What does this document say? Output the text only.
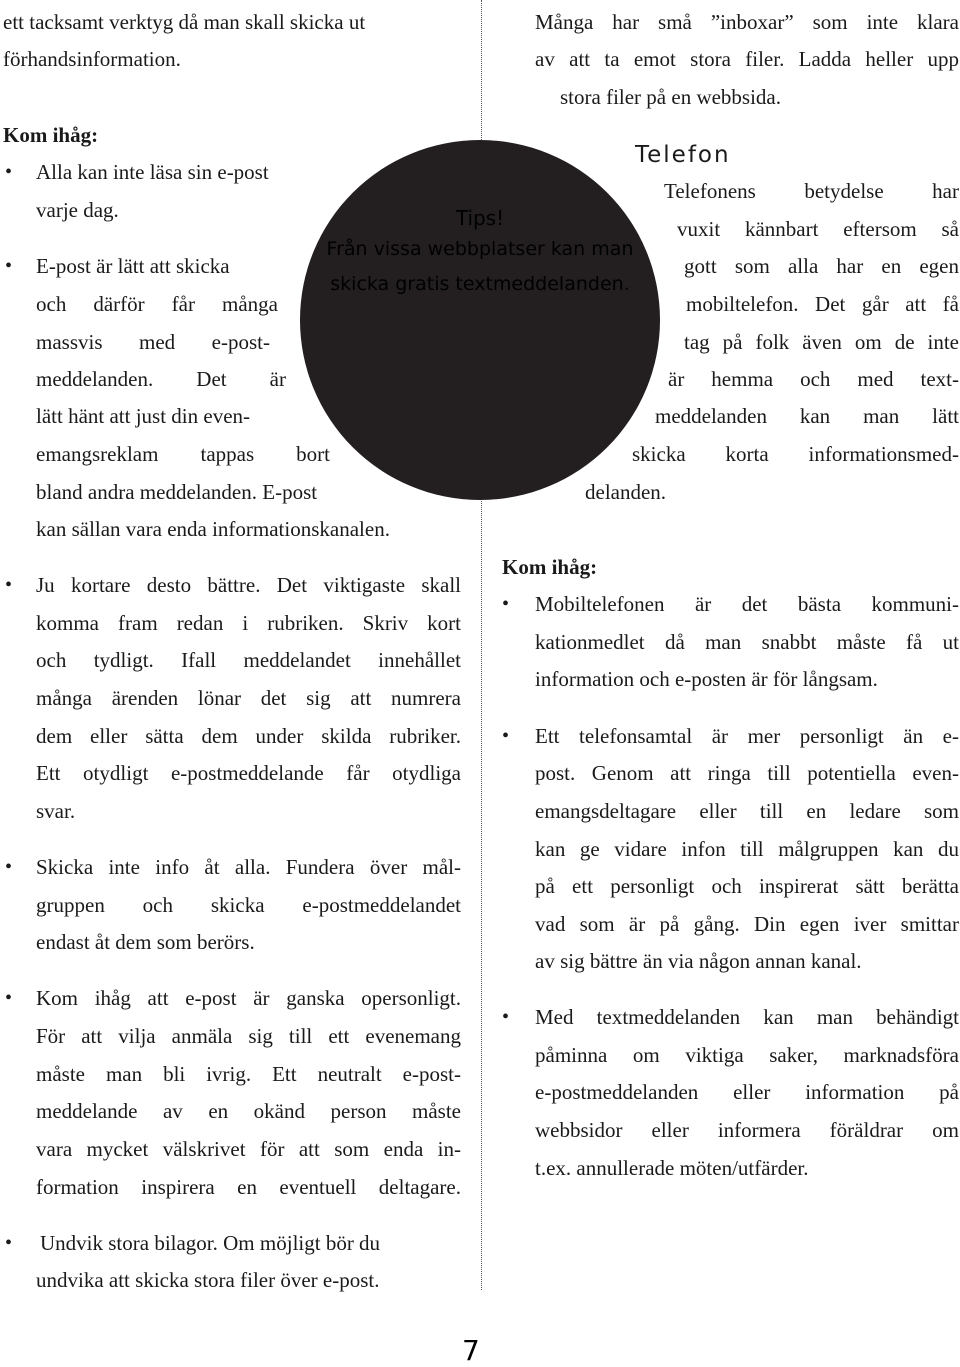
ett tacksamt verktyg då man skall skicka ut
förhandsinformation.
Kom ihåg:
• Alla kan inte läsa sin e-post
varje dag.
• E-post är lätt att skicka
och därför får många
massvis med e-post-
meddelanden. Det är
lätt hänt att just din even-
emangsreklam tappas bort
bland andra meddelanden. E-post
kan sällan vara enda informationskanalen.
• Ju kortare desto bättre. Det viktigaste skall
komma fram redan i rubriken. Skriv kort
och tydligt. Ifall meddelandet innehållet
många ärenden lönar det sig att numrera
dem eller sätta dem under skilda rubriker.
Ett otydligt e-postmeddelande får otydliga
svar.
• Skicka inte info åt alla. Fundera över mål-
gruppen och skicka e-postmeddelandet
endast åt dem som berörs.
• Kom ihåg att e-post är ganska opersonligt.
För att vilja anmäla sig till ett evenemang
måste man bli ivrig. Ett neutralt e-post-
meddelande av en okänd person måste
vara mycket välskrivet för att som enda in-
formation inspirera en eventuell deltagare.
• Undvik stora bilagor. Om möjligt bör du
undvika att skicka stora filer över e-post.
Tips!
Från vissa webbplatser kan man
skicka gratis textmeddelanden.
Många har små ”inboxar” som inte klara
av att ta emot stora filer. Ladda heller upp
stora filer på en webbsida.
Telefon
Telefonens betydelse har
vuxit kännbart eftersom så
gott som alla har en egen
mobiltelefon. Det går att få
tag på folk även om de inte
är hemma och med text-
meddelanden kan man lätt
skicka korta informationsmed-
delanden.
Kom ihåg:
• Mobiltelefonen är det bästa kommuni-
kationmedlet då man snabbt måste få ut
information och e-posten är för långsam.
• Ett telefonsamtal är mer personligt än e-
post. Genom att ringa till potentiella even-
emangsdeltagare eller till en ledare som
kan ge vidare infon till målgruppen kan du
på ett personligt och inspirerat sätt berätta
vad som är på gång. Din egen iver smittar
av sig bättre än via någon annan kanal.
• Med textmeddelanden kan man behändigt
påminna om viktiga saker, marknadsföra
e-postmeddelanden eller information på
webbsidor eller informera föräldrar om
t.ex. annullerade möten/utfärder.
7
